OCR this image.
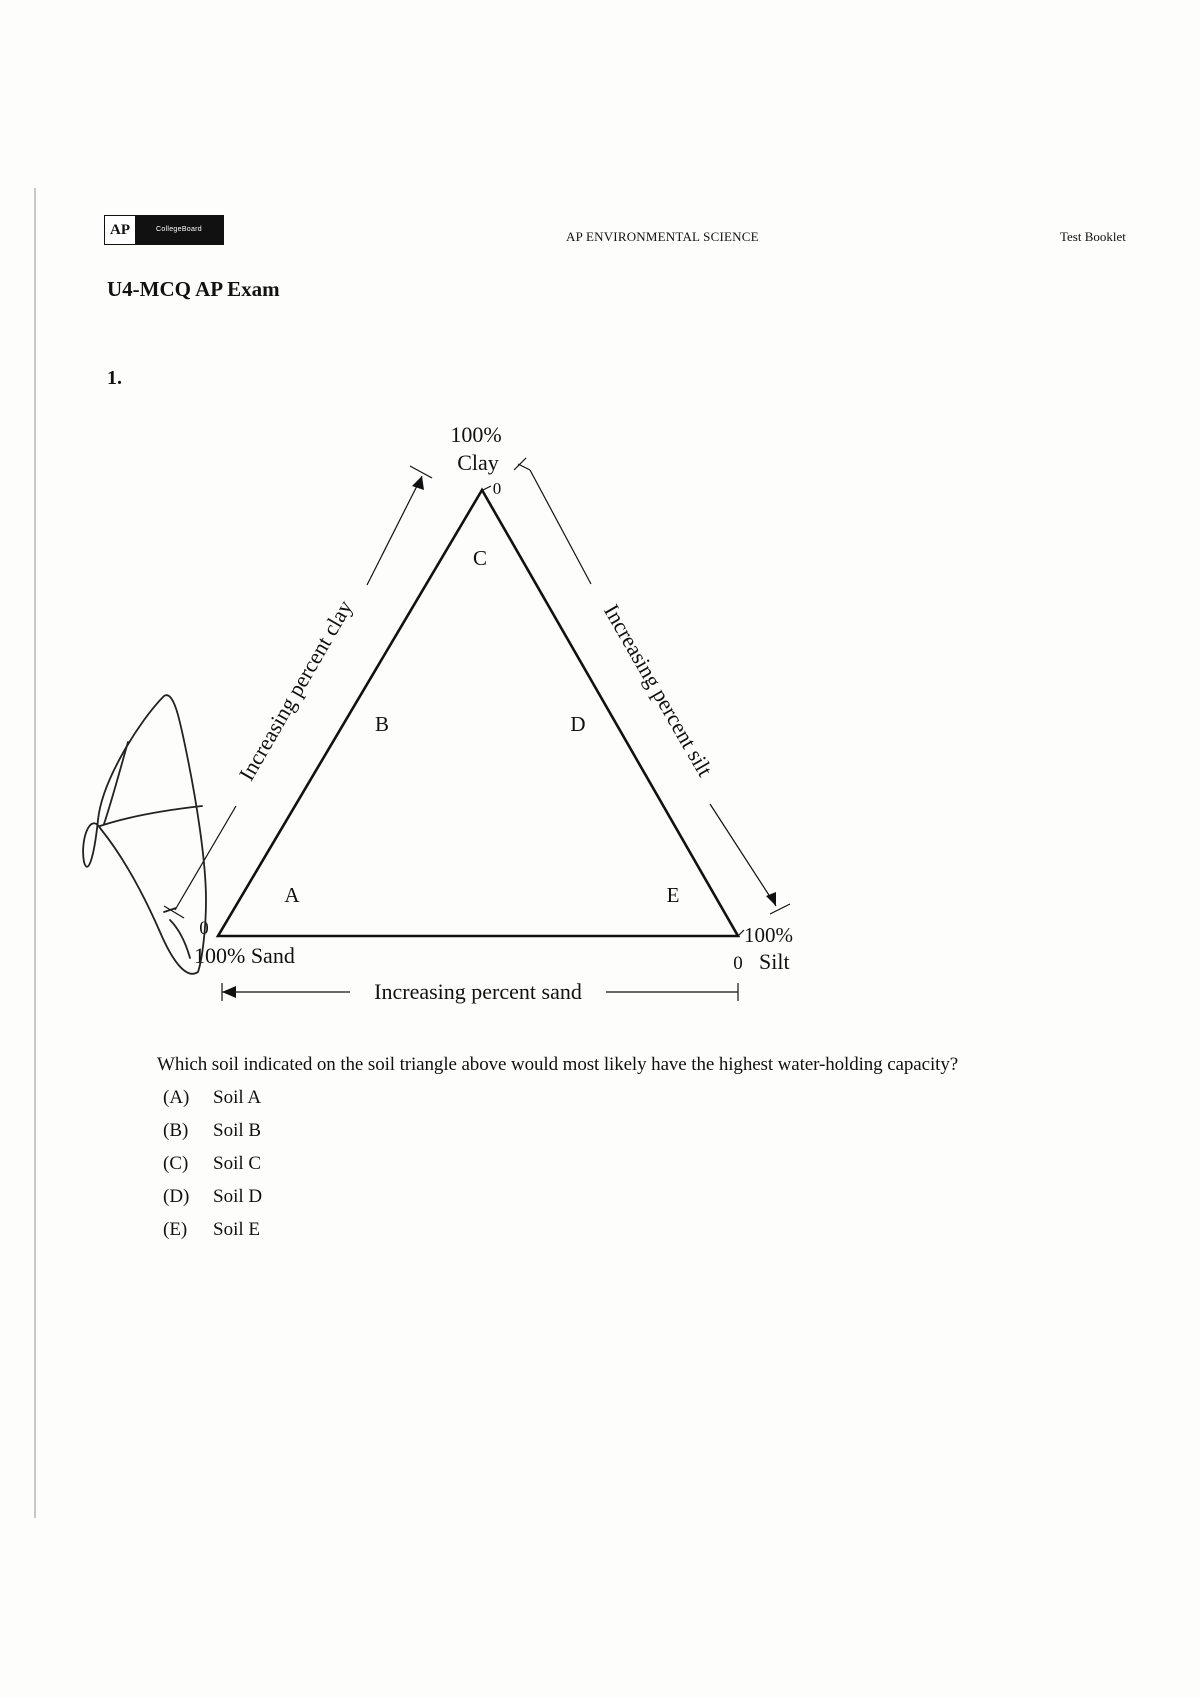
AP	CollegeBoard	AP ENVIRONMENTAL SCIENCE	Test Booklet
U4-MCQ AP Exam
1.
100%
Clay
0
Increasing percent clay	Increasing percent silt
Increasing percent sand
0
100% Sand
100%
0 Silt
A
B
C
D
E
Which soil indicated on the soil triangle above would most likely have the highest water-holding capacity?
(A)	Soil A
(B)	Soil B
(C)	Soil C
(D)	Soil D
(E)	Soil E
